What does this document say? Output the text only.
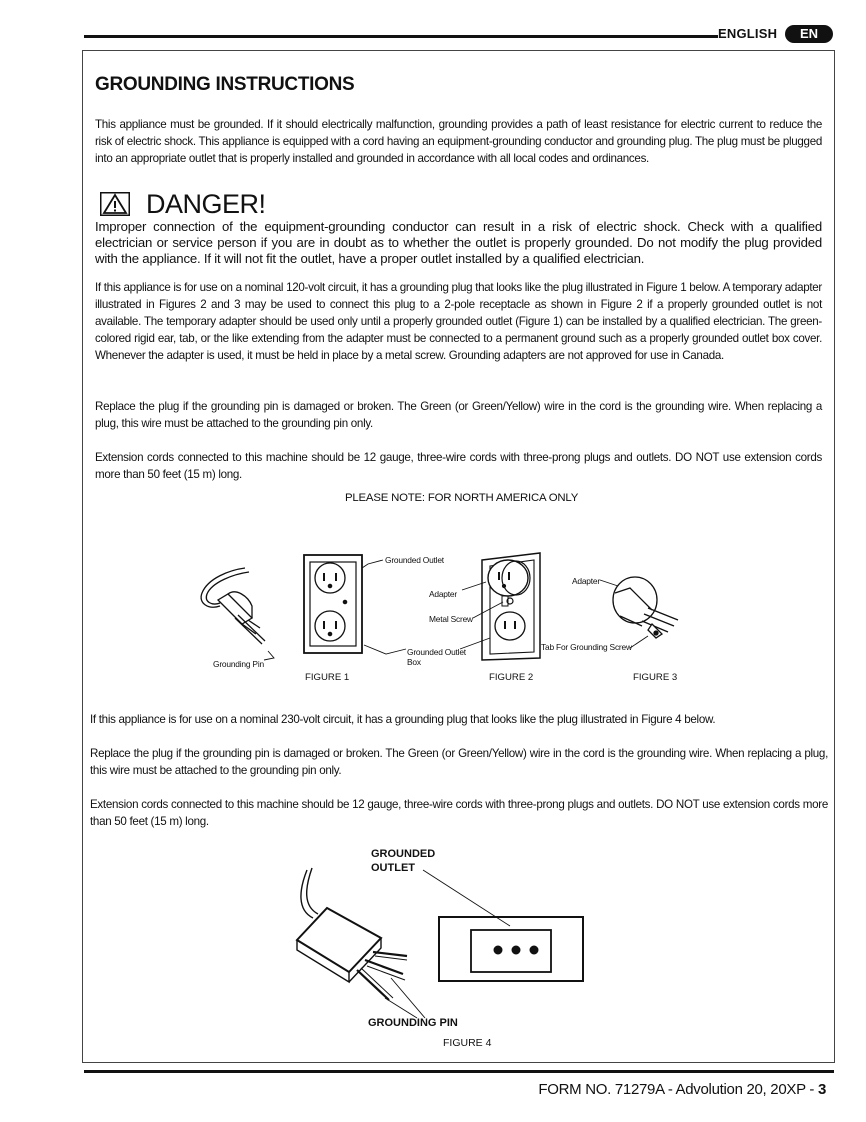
ENGLISH	EN
GROUNDING INSTRUCTIONS

This appliance must be grounded. If it should electrically malfunction, grounding provides a path of least resistance for electric current to reduce the risk of electric shock. This appliance is equipped with a cord having an equipment-grounding conductor and grounding plug. The plug must be plugged into an appropriate outlet that is properly installed and grounded in accordance with all local codes and ordinances.

DANGER!

Improper connection of the equipment-grounding conductor can result in a risk of electric shock. Check with a qualified electrician or service person if you are in doubt as to whether the outlet is properly grounded. Do not modify the plug provided with the appliance. If it will not fit the outlet, have a proper outlet installed by a qualified electrician.

If this appliance is for use on a nominal 120-volt circuit, it has a grounding plug that looks like the plug illustrated in Figure 1 below. A temporary adapter illustrated in Figures 2 and 3 may be used to connect this plug to a 2-pole receptacle as shown in Figure 2 if a properly grounded outlet is not available. The temporary adapter should be used only until a properly grounded outlet (Figure 1) can be installed by a qualified electrician. The green-colored rigid ear, tab, or the like extending from the adapter must be connected to a permanent ground such as a properly grounded outlet box cover. Whenever the adapter is used, it must be held in place by a metal screw. Grounding adapters are not approved for use in Canada.

Replace the plug if the grounding pin is damaged or broken. The Green (or Green/Yellow) wire in the cord is the grounding wire. When replacing a plug, this wire must be attached to the grounding pin only.

Extension cords connected to this machine should be 12 gauge, three-wire cords with three-prong plugs and outlets. DO NOT use extension cords more than 50 feet (15 m) long.

PLEASE NOTE: FOR NORTH AMERICA ONLY
Grounded Outlet
Adapter
Metal Screw
Grounding Pin
Grounded Outlet Box
Adapter
Tab For Grounding Screw
FIGURE 1	FIGURE 2	FIGURE 3

If this appliance is for use on a nominal 230-volt circuit, it has a grounding plug that looks like the plug illustrated in Figure 4 below.

Replace the plug if the grounding pin is damaged or broken. The Green (or Green/Yellow) wire in the cord is the grounding wire. When replacing a plug, this wire must be attached to the grounding pin only.

Extension cords connected to this machine should be 12 gauge, three-wire cords with three-prong plugs and outlets. DO NOT use extension cords more than 50 feet (15 m) long.

GROUNDED
OUTLET
GROUNDING PIN
FIGURE 4
FORM NO. 71279A - Advolution 20, 20XP - 3
